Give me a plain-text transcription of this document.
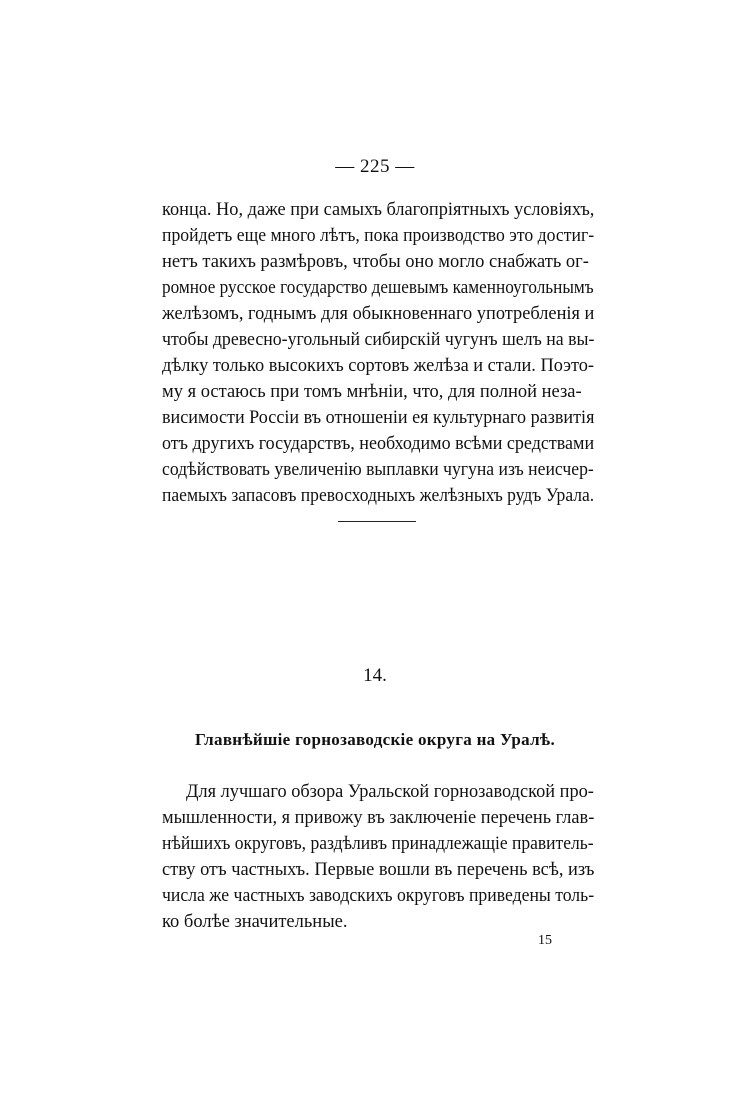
— 225 —
конца. Но, даже при самыхъ благопріятныхъ условіяхъ,
пройдетъ еще много лѣтъ, пока производство это достиг-
нетъ такихъ размѣровъ, чтобы оно могло снабжать ог-
ромное русское государство дешевымъ каменноугольнымъ
желѣзомъ, годнымъ для обыкновеннаго употребленія и
чтобы древесно-угольный сибирскій чугунъ шелъ на вы-
дѣлку только высокихъ сортовъ желѣза и стали. Поэто-
му я остаюсь при томъ мнѣніи, что, для полной неза-
висимости Россіи въ отношеніи ея культурнаго развитія
отъ другихъ государствъ, необходимо всѣми средствами
содѣйствовать увеличенію выплавки чугуна изъ неисчер-
паемыхъ запасовъ превосходныхъ желѣзныхъ рудъ Урала.
14.
Главнѣйшіе горнозаводскіе округа на Уралѣ.
Для лучшаго обзора Уральской горнозаводской про-
мышленности, я привожу въ заключеніе перечень глав-
нѣйшихъ округовъ, раздѣливъ принадлежащіе правитель-
ству отъ частныхъ. Первые вошли въ перечень всѣ, изъ
числа же частныхъ заводскихъ округовъ приведены толь-
ко болѣе значительные.
15
